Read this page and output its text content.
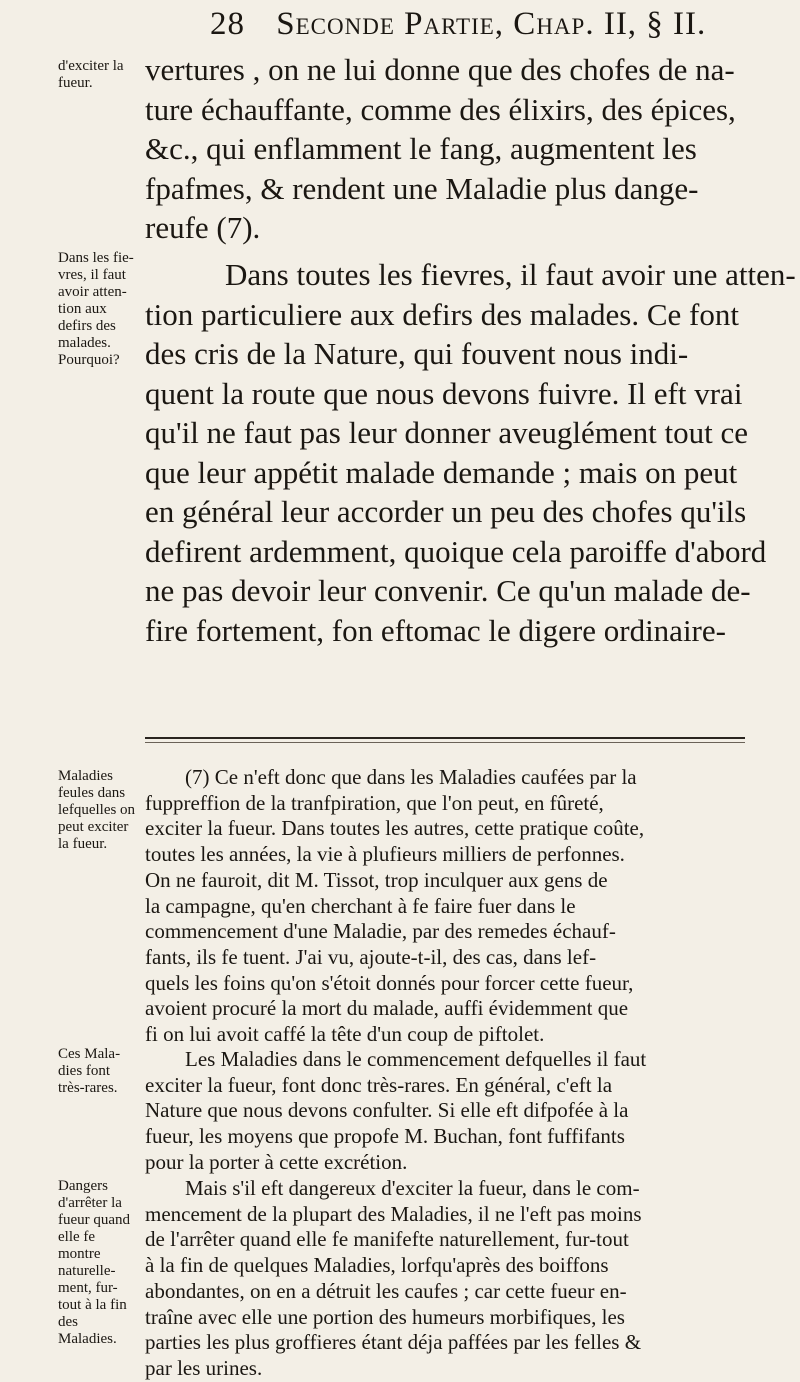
28 Seconde Partie, Chap. II, § II.
d'exciter la fueur.
Dans les fie-vres, il faut avoir atten-tion aux defirs des malades. Pourquoi?
Maladies feules dans lefquelles on peut exciter la fueur.
Ces Mala-dies font très-rares.
Dangers d'arrêter la fueur quand elle fe montre naturelle-ment, fur-tout à la fin des Maladies.
vertures , on ne lui donne que des chofes de na-
ture échauffante, comme des élixirs, des épices,
&c., qui enflamment le fang, augmentent les
fpafmes, & rendent une Maladie plus dange-
reufe (7).
Dans toutes les fievres, il faut avoir une atten-
tion particuliere aux defirs des malades. Ce font
des cris de la Nature, qui fouvent nous indi-
quent la route que nous devons fuivre. Il eft vrai
qu'il ne faut pas leur donner aveuglément tout ce
que leur appétit malade demande ; mais on peut
en général leur accorder un peu des chofes qu'ils
defirent ardemment, quoique cela paroiffe d'abord
ne pas devoir leur convenir. Ce qu'un malade de-
fire fortement, fon eftomac le digere ordinaire-
(7) Ce n'eft donc que dans les Maladies caufées par la
fuppreffion de la tranfpiration, que l'on peut, en fûreté,
exciter la fueur. Dans toutes les autres, cette pratique coûte,
toutes les années, la vie à plufieurs milliers de perfonnes.
On ne fauroit, dit M. Tissot, trop inculquer aux gens de
la campagne, qu'en cherchant à fe faire fuer dans le
commencement d'une Maladie, par des remedes échauf-
fants, ils fe tuent. J'ai vu, ajoute-t-il, des cas, dans lef-
quels les foins qu'on s'étoit donnés pour forcer cette fueur,
avoient procuré la mort du malade, auffi évidemment que
fi on lui avoit caffé la tête d'un coup de piftolet.
Les Maladies dans le commencement defquelles il faut
exciter la fueur, font donc très-rares. En général, c'eft la
Nature que nous devons confulter. Si elle eft difpofée à la
fueur, les moyens que propofe M. Buchan, font fuffifants
pour la porter à cette excrétion.
Mais s'il eft dangereux d'exciter la fueur, dans le com-
mencement de la plupart des Maladies, il ne l'eft pas moins
de l'arrêter quand elle fe manifefte naturellement, fur-tout
à la fin de quelques Maladies, lorfqu'après des boiffons
abondantes, on en a détruit les caufes ; car cette fueur en-
traîne avec elle une portion des humeurs morbifiques, les
parties les plus groffieres étant déja paffées par les felles &
par les urines.
